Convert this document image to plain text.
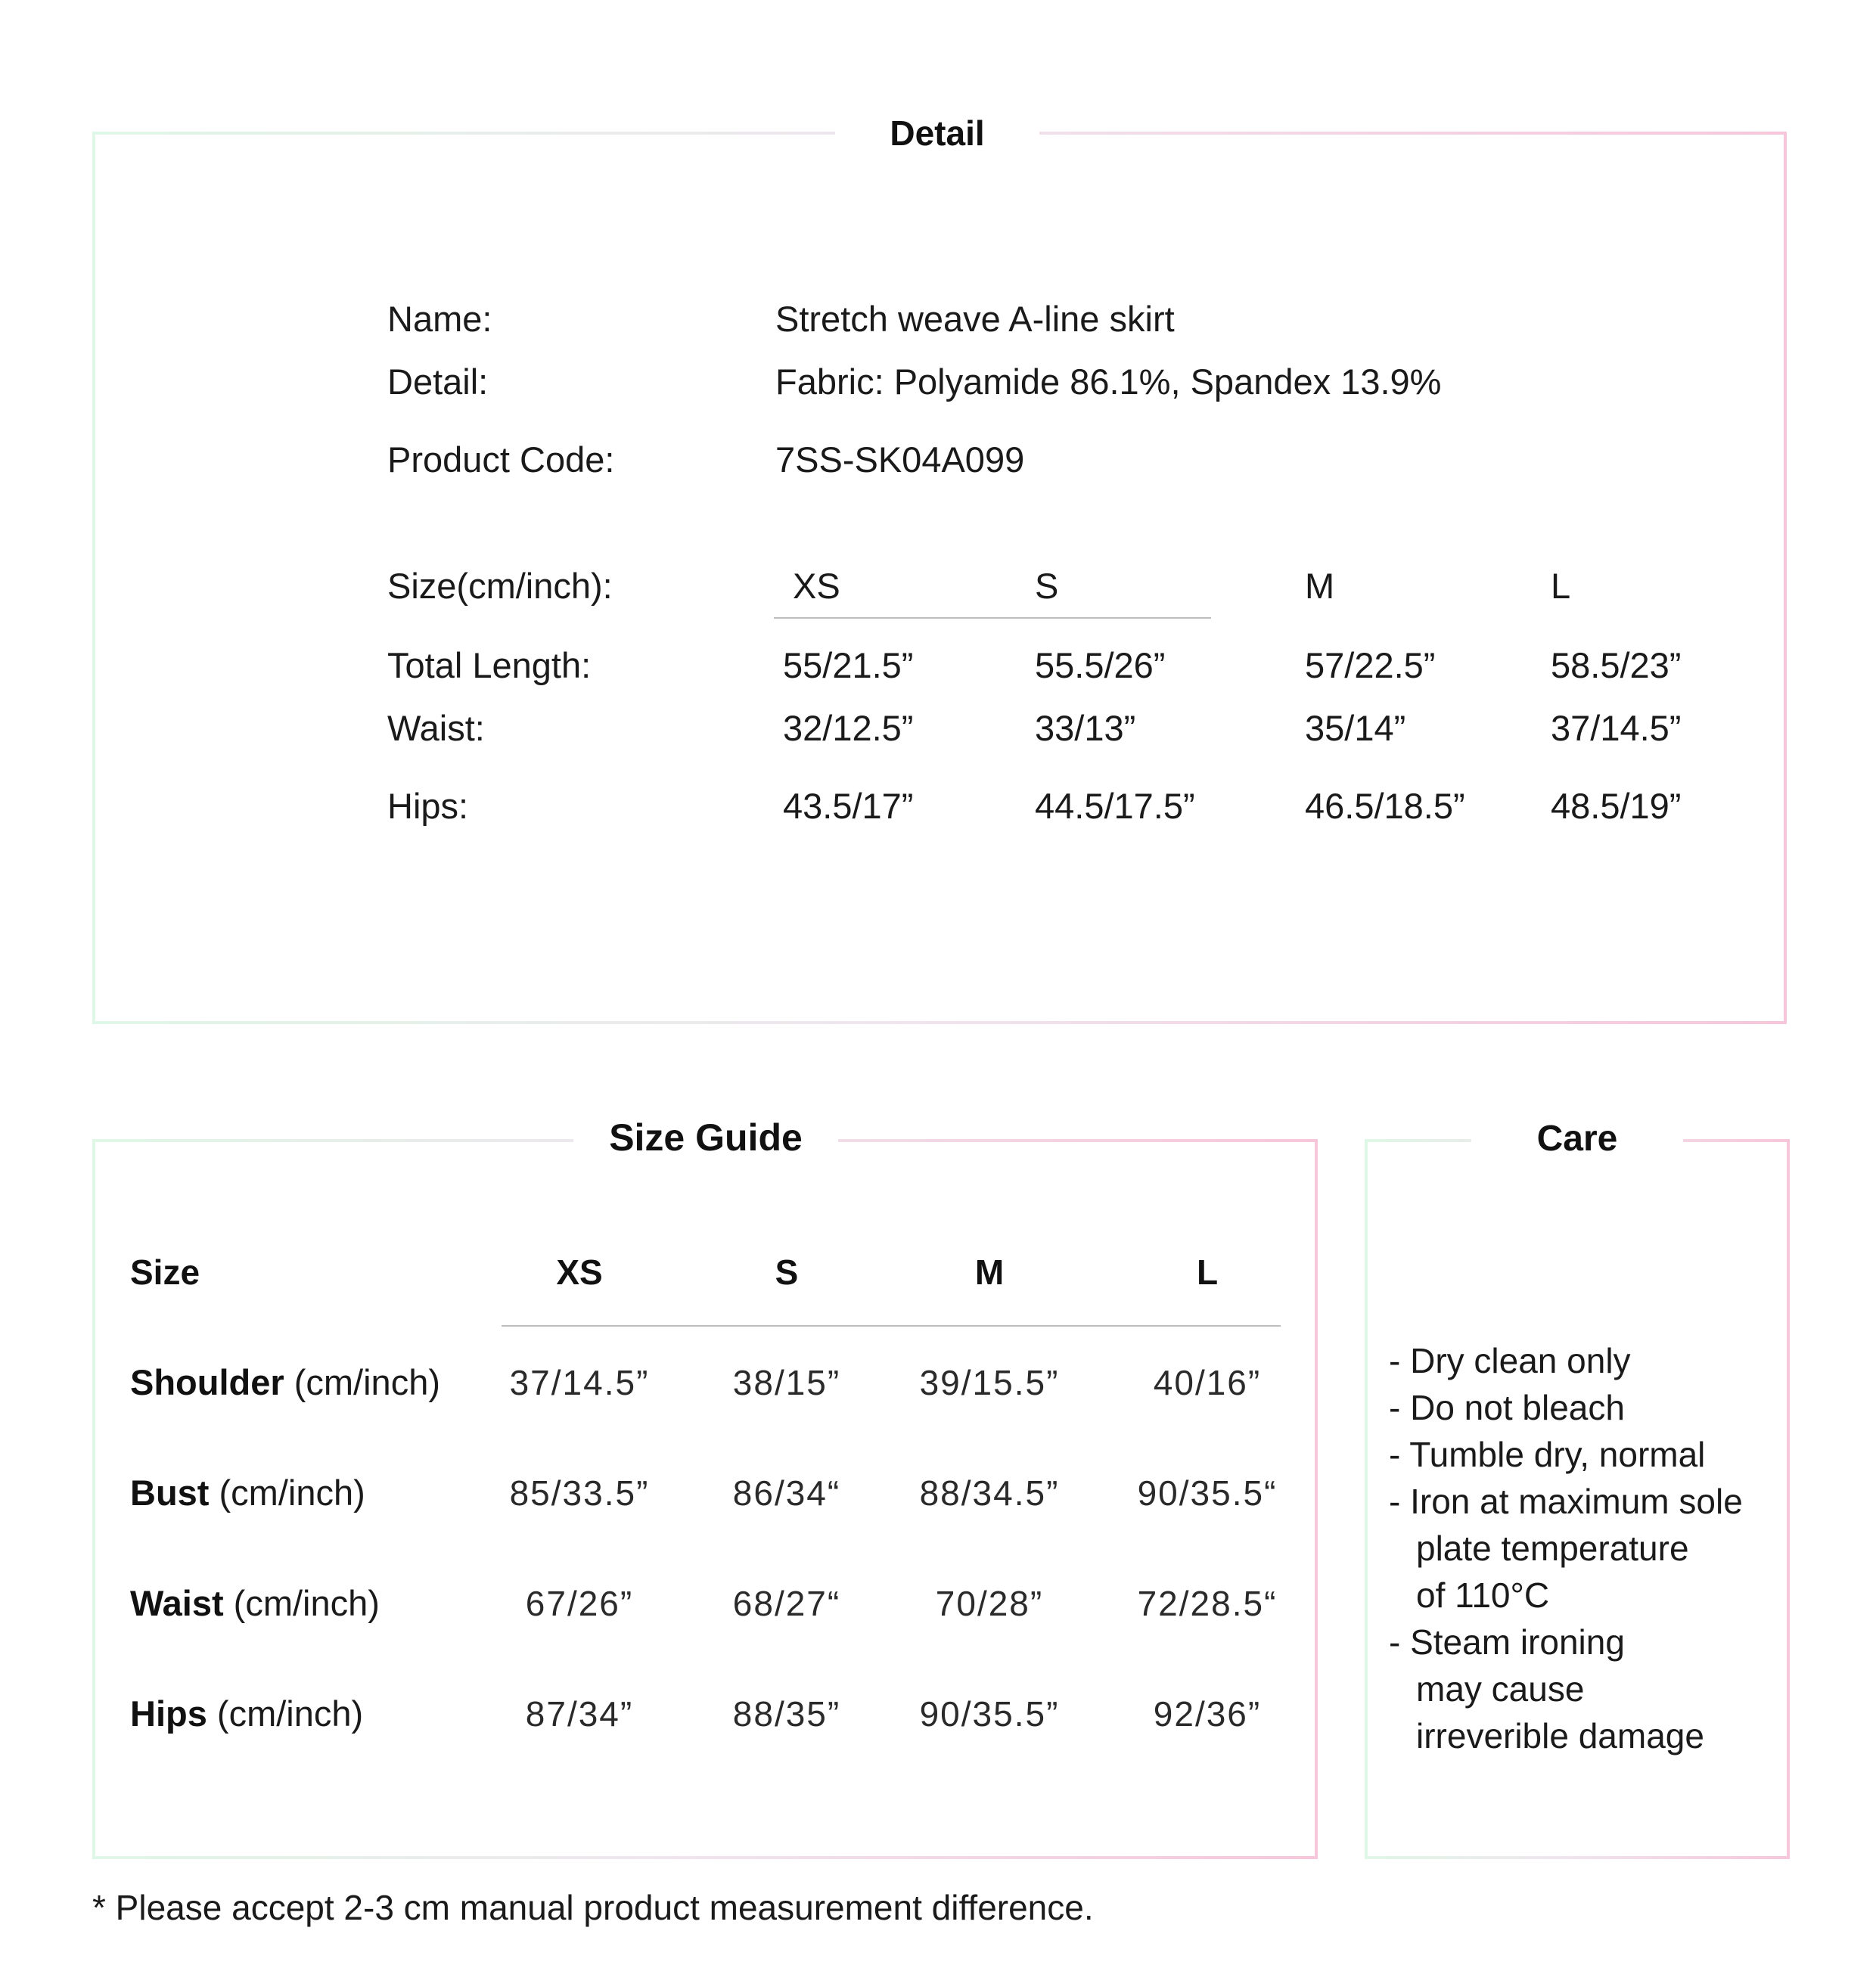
Detail
Name:	Stretch weave A-line skirt
Detail:	Fabric: Polyamide 86.1%, Spandex 13.9%
Product Code:	7SS-SK04A099
Size(cm/inch):	XS	S	M	L
Total Length:	55/21.5”	55.5/26”	57/22.5”	58.5/23”
Waist:	32/12.5”	33/13”	35/14”	37/14.5”
Hips:	43.5/17”	44.5/17.5”	46.5/18.5” 48.5/19”
Size Guide
Size	XS	S	M	L
Shoulder (cm/inch)	37/14.5”	38/15”	39/15.5”	40/16”
Bust (cm/inch)	85/33.5”	86/34“	88/34.5”	90/35.5“
Waist (cm/inch)	67/26”	68/27“	70/28”	72/28.5“
Hips (cm/inch)	87/34”	88/35”	90/35.5”	92/36”
Care
- Dry clean only
- Do not bleach
- Tumble dry, normal
- Iron at maximum sole
plate temperature
of 110°C
- Steam ironing
may cause
irreverible damage
* Please accept 2-3 cm manual product measurement difference.
